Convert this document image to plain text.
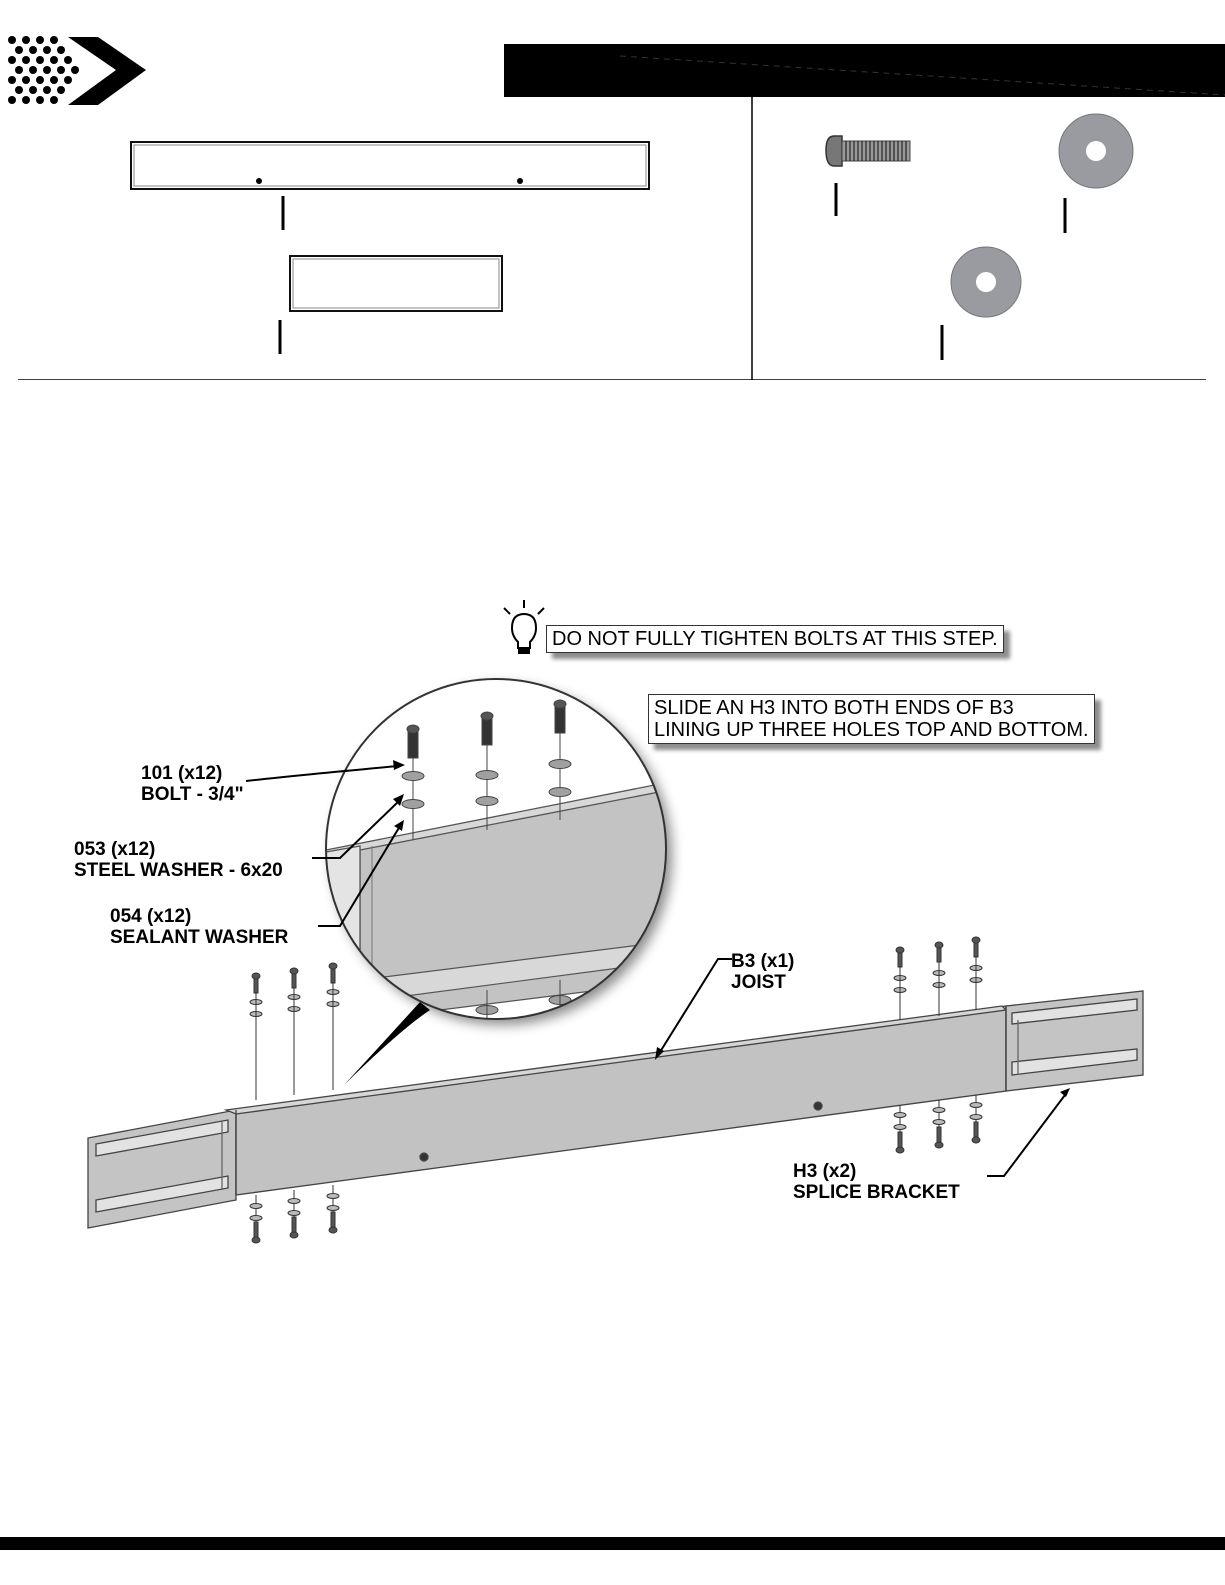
DO NOT FULLY TIGHTEN BOLTS AT THIS STEP.
SLIDE AN H3 INTO BOTH ENDS OF B3
LINING UP THREE HOLES TOP AND BOTTOM.
101 (x12)
BOLT - 3/4"
053 (x12)
STEEL WASHER - 6x20
054 (x12)
SEALANT WASHER
B3 (x1)
JOIST
H3 (x2)
SPLICE BRACKET
